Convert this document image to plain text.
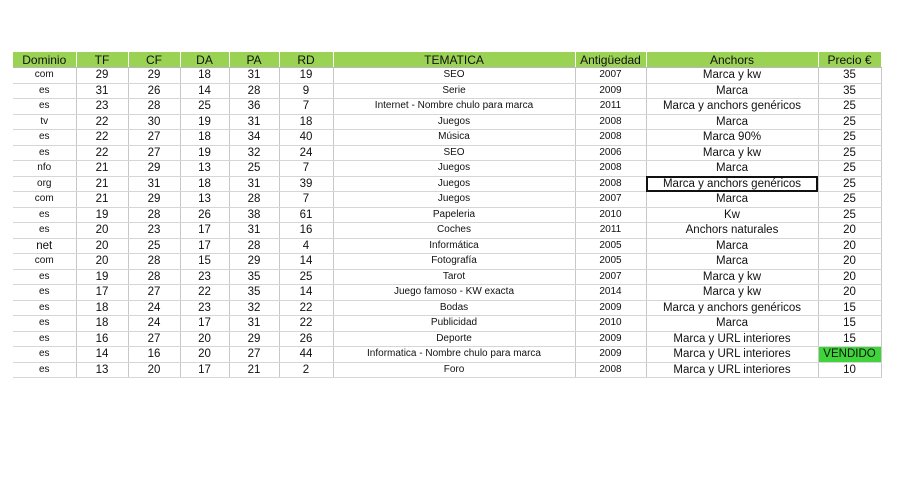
Dominio	TF	CF	DA	PA	RD	TEMATICA	Antigüedad	Anchors	Precio €
com	29	29	18	31	19	SEO	2007	Marca y kw	35
es	31	26	14	28	9	Serie	2009	Marca	35
es	23	28	25	36	7	Internet - Nombre chulo para marca	2011	Marca y anchors genéricos	25
tv	22	30	19	31	18	Juegos	2008	Marca	25
es	22	27	18	34	40	Música	2008	Marca 90%	25
es	22	27	19	32	24	SEO	2006	Marca y kw	25
nfo	21	29	13	25	7	Juegos	2008	Marca	25
org	21	31	18	31	39	Juegos	2008	Marca y anchors genéricos	25
com	21	29	13	28	7	Juegos	2007	Marca	25
es	19	28	26	38	61	Papeleria	2010	Kw	25
es	20	23	17	31	16	Coches	2011	Anchors naturales	20
net	20	25	17	28	4	Informática	2005	Marca	20
com	20	28	15	29	14	Fotografía	2005	Marca	20
es	19	28	23	35	25	Tarot	2007	Marca y kw	20
es	17	27	22	35	14	Juego famoso - KW exacta	2014	Marca y kw	20
es	18	24	23	32	22	Bodas	2009	Marca y anchors genéricos	15
es	18	24	17	31	22	Publicidad	2010	Marca	15
es	16	27	20	29	26	Deporte	2009	Marca y URL interiores	15
es	14	16	20	27	44	Informatica - Nombre chulo para marca	2009	Marca y URL interiores	VENDIDO
es	13	20	17	21	2	Foro	2008	Marca y URL interiores	10
